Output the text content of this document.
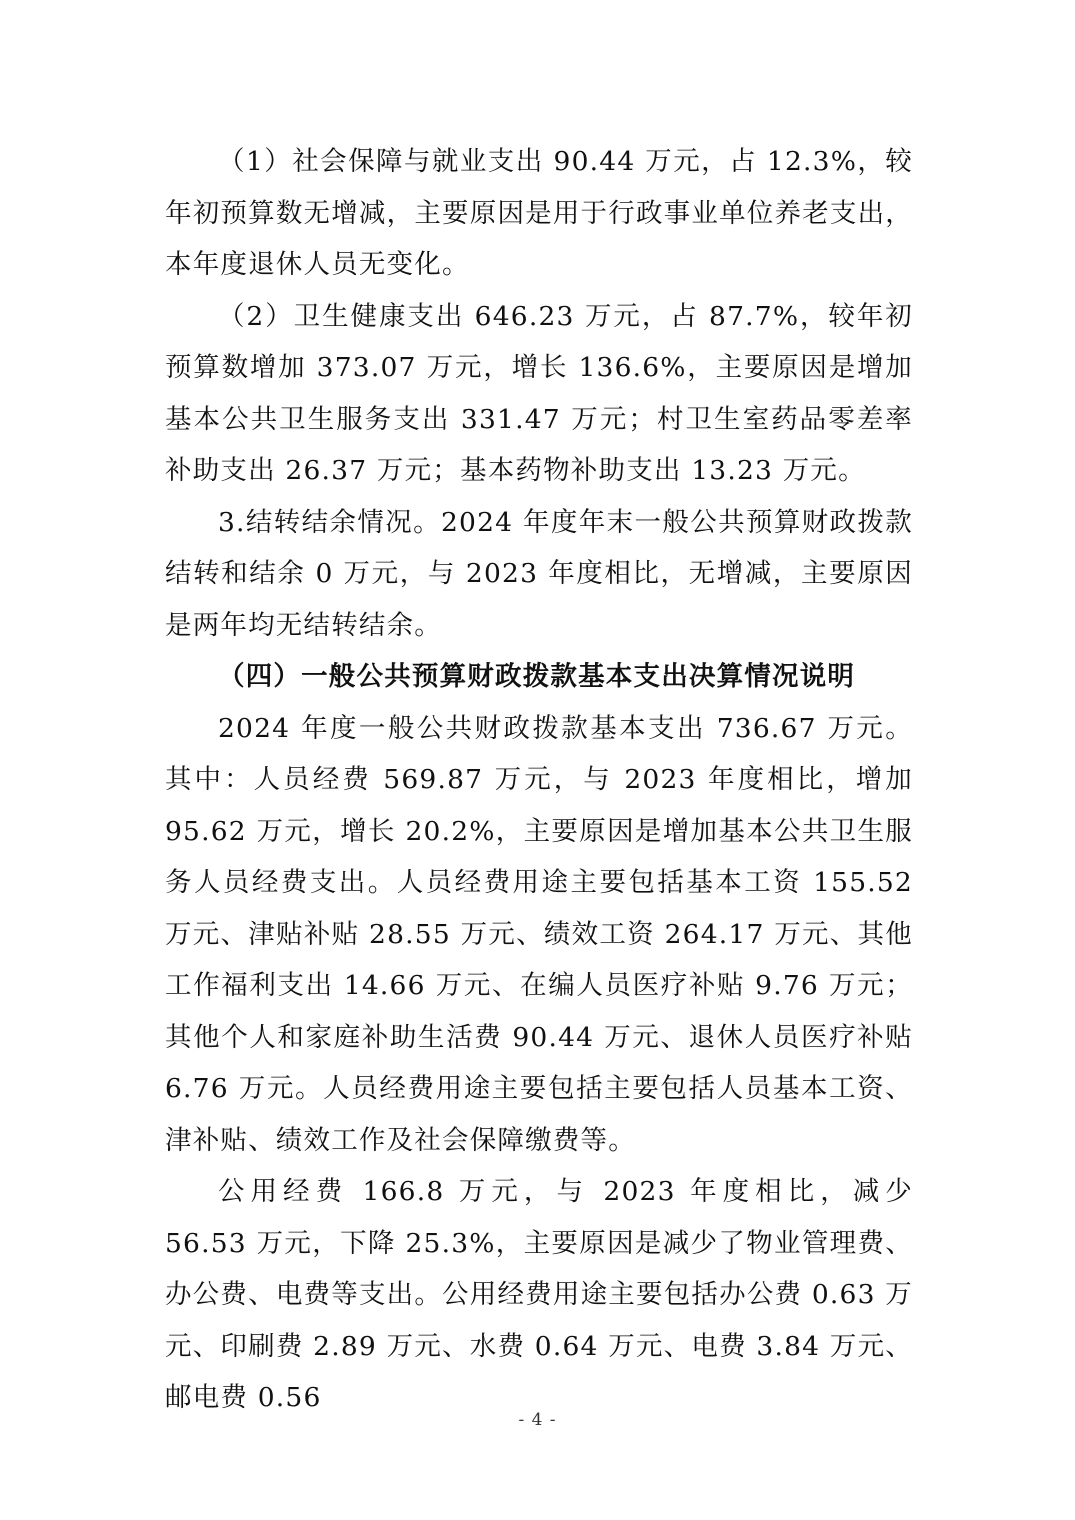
（1）社会保障与就业支出 90.44 万元，占 12.3%，较年初预算数无增减，主要原因是用于行政事业单位养老支出，本年度退休人员无变化。

（2）卫生健康支出 646.23 万元，占 87.7%，较年初预算数增加 373.07 万元，增长 136.6%，主要原因是增加基本公共卫生服务支出 331.47 万元；村卫生室药品零差率补助支出 26.37 万元；基本药物补助支出 13.23 万元。

3.结转结余情况。2024 年度年末一般公共预算财政拨款结转和结余 0 万元，与 2023 年度相比，无增减，主要原因是两年均无结转结余。

（四）一般公共预算财政拨款基本支出决算情况说明

2024 年度一般公共财政拨款基本支出 736.67 万元。其中：人员经费 569.87 万元，与 2023 年度相比，增加 95.62 万元，增长 20.2%，主要原因是增加基本公共卫生服务人员经费支出。人员经费用途主要包括基本工资 155.52 万元、津贴补贴 28.55 万元、绩效工资 264.17 万元、其他工作福利支出 14.66 万元、在编人员医疗补贴 9.76 万元；其他个人和家庭补助生活费 90.44 万元、退休人员医疗补贴 6.76 万元。人员经费用途主要包括主要包括人员基本工资、津补贴、绩效工作及社会保障缴费等。

公用经费 166.8 万元，与 2023 年度相比，减少 56.53 万元，下降 25.3%，主要原因是减少了物业管理费、办公费、电费等支出。公用经费用途主要包括办公费 0.63 万元、印刷费 2.89 万元、水费 0.64 万元、电费 3.84 万元、邮电费 0.56

- 4 -
